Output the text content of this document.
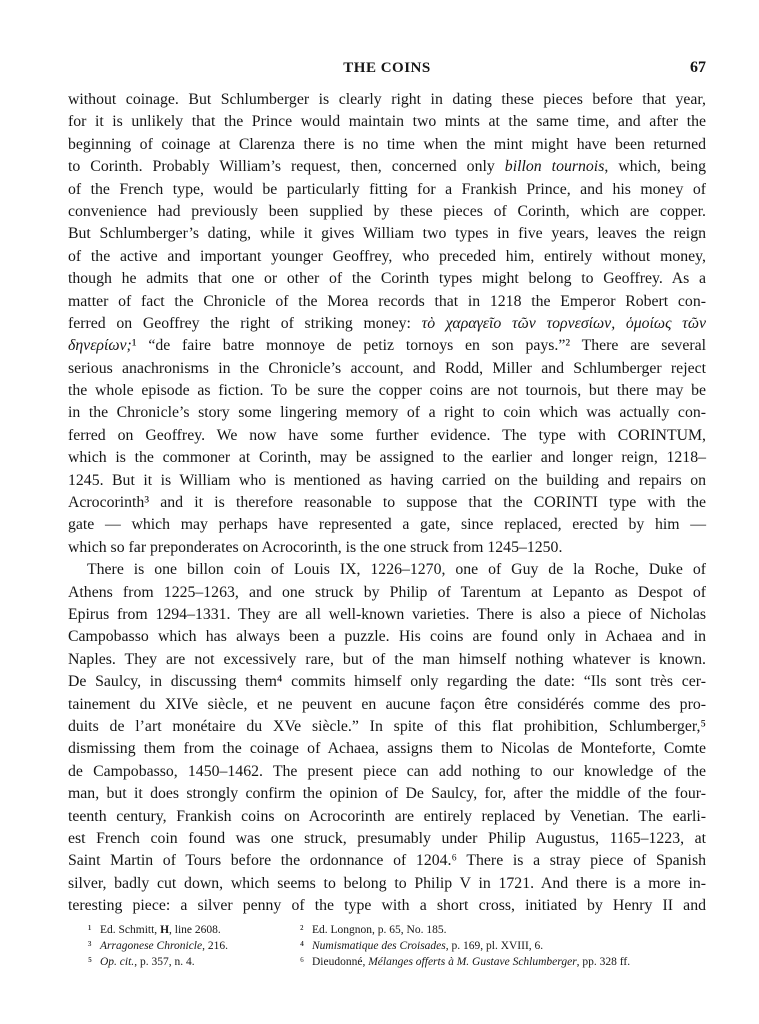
THE COINS	67
without coinage. But Schlumberger is clearly right in dating these pieces before that year,
for it is unlikely that the Prince would maintain two mints at the same time, and after the
beginning of coinage at Clarenza there is no time when the mint might have been returned
to Corinth. Probably William’s request, then, concerned only billon tournois, which, being
of the French type, would be particularly fitting for a Frankish Prince, and his money of
convenience had previously been supplied by these pieces of Corinth, which are copper.
But Schlumberger’s dating, while it gives William two types in five years, leaves the reign
of the active and important younger Geoffrey, who preceded him, entirely without money,
though he admits that one or other of the Corinth types might belong to Geoffrey. As a
matter of fact the Chronicle of the Morea records that in 1218 the Emperor Robert con-
ferred on Geoffrey the right of striking money: τὸ χαραγεῖο τῶν τορνεσίων, ὁμοίως τῶν
δηνερίων;¹ “de faire batre monnoye de petiz tornoys en son pays.”² There are several
serious anachronisms in the Chronicle’s account, and Rodd, Miller and Schlumberger reject
the whole episode as fiction. To be sure the copper coins are not tournois, but there may be
in the Chronicle’s story some lingering memory of a right to coin which was actually con-
ferred on Geoffrey. We now have some further evidence. The type with CORINTUM,
which is the commoner at Corinth, may be assigned to the earlier and longer reign, 1218–
1245. But it is William who is mentioned as having carried on the building and repairs on
Acrocorinth³ and it is therefore reasonable to suppose that the CORINTI type with the
gate — which may perhaps have represented a gate, since replaced, erected by him —
which so far preponderates on Acrocorinth, is the one struck from 1245–1250.
There is one billon coin of Louis IX, 1226–1270, one of Guy de la Roche, Duke of
Athens from 1225–1263, and one struck by Philip of Tarentum at Lepanto as Despot of
Epirus from 1294–1331. They are all well-known varieties. There is also a piece of Nicholas
Campobasso which has always been a puzzle. His coins are found only in Achaea and in
Naples. They are not excessively rare, but of the man himself nothing whatever is known.
De Saulcy, in discussing them⁴ commits himself only regarding the date: “Ils sont très cer-
tainement du XIVe siècle, et ne peuvent en aucune façon être considérés comme des pro-
duits de l’art monétaire du XVe siècle.” In spite of this flat prohibition, Schlumberger,⁵
dismissing them from the coinage of Achaea, assigns them to Nicolas de Monteforte, Comte
de Campobasso, 1450–1462. The present piece can add nothing to our knowledge of the
man, but it does strongly confirm the opinion of De Saulcy, for, after the middle of the four-
teenth century, Frankish coins on Acrocorinth are entirely replaced by Venetian. The earli-
est French coin found was one struck, presumably under Philip Augustus, 1165–1223, at
Saint Martin of Tours before the ordonnance of 1204.⁶ There is a stray piece of Spanish
silver, badly cut down, which seems to belong to Philip V in 1721. And there is a more in-
teresting piece: a silver penny of the type with a short cross, initiated by Henry II and
¹ Ed. Schmitt, H, line 2608.	² Ed. Longnon, p. 65, No. 185.
³ Arragonese Chronicle, 216.	⁴ Numismatique des Croisades, p. 169, pl. XVIII, 6.
⁵ Op. cit., p. 357, n. 4.	⁶ Dieudonné, Mélanges offerts à M. Gustave Schlumberger, pp. 328 ff.
